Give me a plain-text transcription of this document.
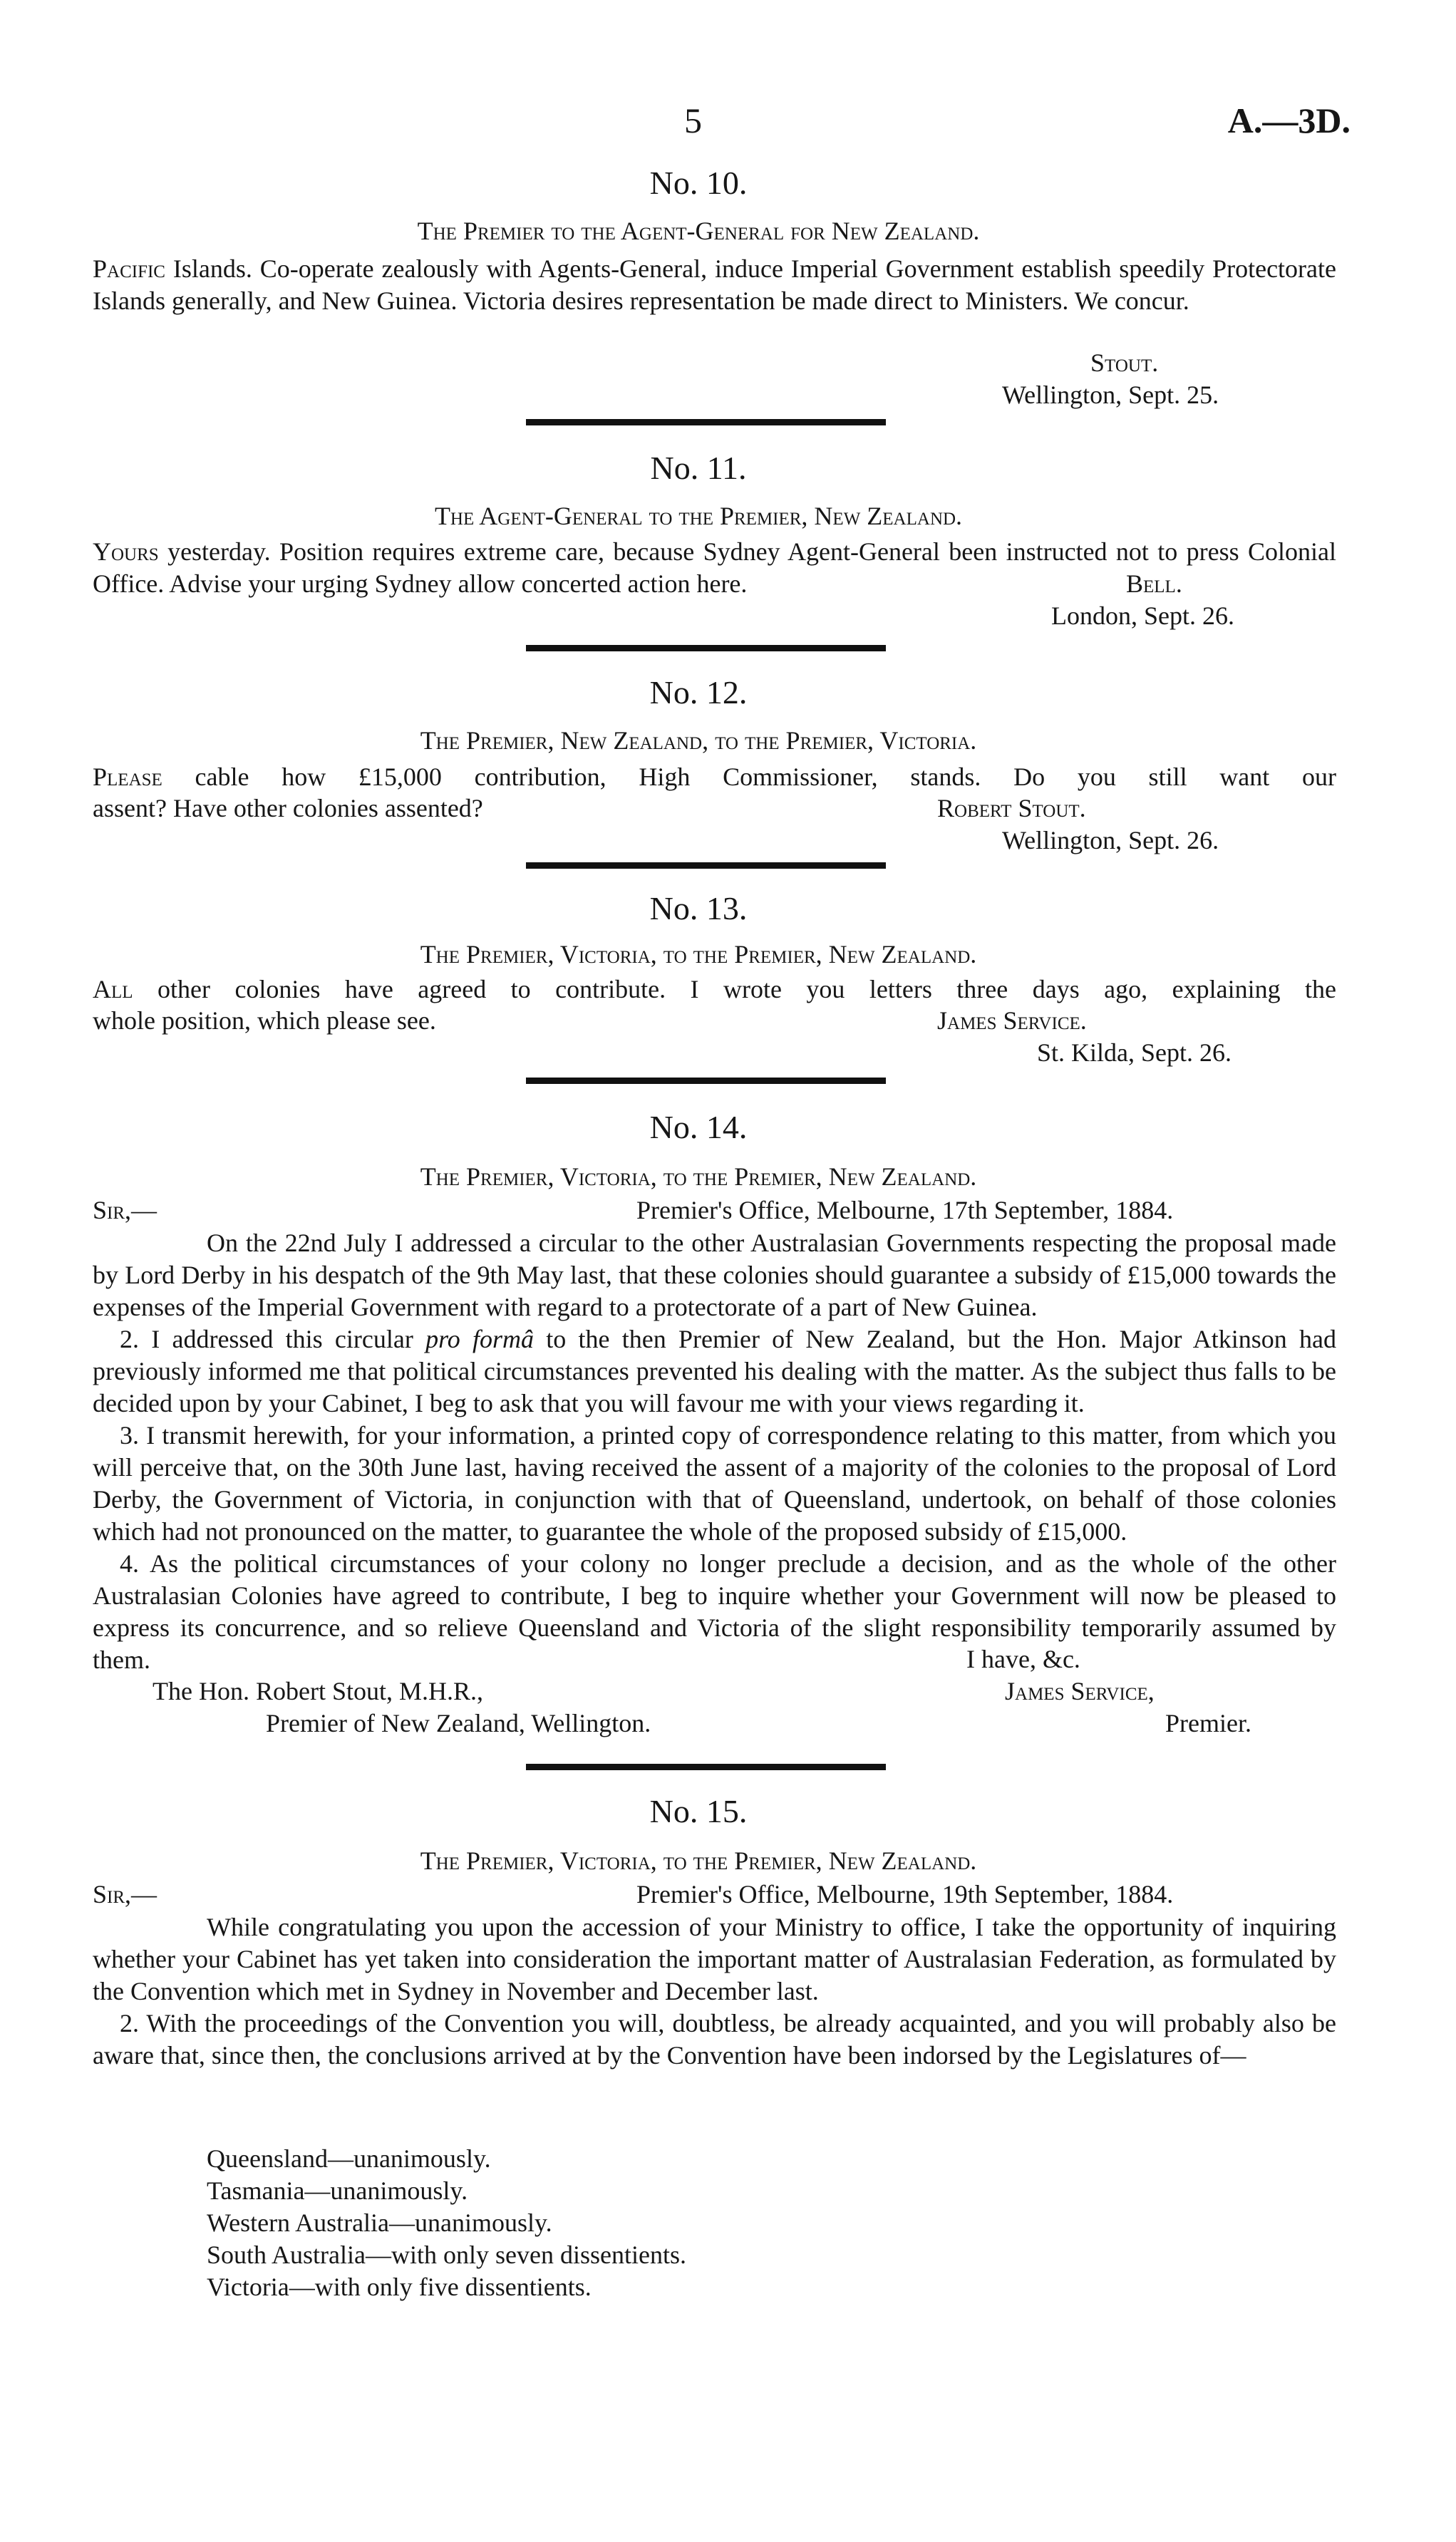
5	A.—3D.
No. 10.
The Premier to the Agent-General for New Zealand.
Pacific Islands. Co-operate zealously with Agents-General, induce Imperial Government establish speedily Protectorate Islands generally, and New Guinea. Victoria desires representation be made direct to Ministers. We concur.
Stout.
Wellington, Sept. 25.
No. 11.
The Agent-General to the Premier, New Zealand.
Yours yesterday. Position requires extreme care, because Sydney Agent-General been instructed not to press Colonial Office. Advise your urging Sydney allow concerted action here.	Bell.
London, Sept. 26.
No. 12.
The Premier, New Zealand, to the Premier, Victoria.
Please cable how £15,000 contribution, High Commissioner, stands. Do you still want our
assent? Have other colonies assented?	Robert Stout.
Wellington, Sept. 26.
No. 13.
The Premier, Victoria, to the Premier, New Zealand.
All other colonies have agreed to contribute. I wrote you letters three days ago, explaining the
whole position, which please see.	James Service.
St. Kilda, Sept. 26.
No. 14.
The Premier, Victoria, to the Premier, New Zealand.
Sir,—	Premier's Office, Melbourne, 17th September, 1884.
On the 22nd July I addressed a circular to the other Australasian Governments respecting the proposal made by Lord Derby in his despatch of the 9th May last, that these colonies should guarantee a subsidy of £15,000 towards the expenses of the Imperial Government with regard to a protectorate of a part of New Guinea.
2. I addressed this circular pro formâ to the then Premier of New Zealand, but the Hon. Major Atkinson had previously informed me that political circumstances prevented his dealing with the matter. As the subject thus falls to be decided upon by your Cabinet, I beg to ask that you will favour me with your views regarding it.
3. I transmit herewith, for your information, a printed copy of correspondence relating to this matter, from which you will perceive that, on the 30th June last, having received the assent of a majority of the colonies to the proposal of Lord Derby, the Government of Victoria, in conjunction with that of Queensland, undertook, on behalf of those colonies which had not pronounced on the matter, to guarantee the whole of the proposed subsidy of £15,000.
4. As the political circumstances of your colony no longer preclude a decision, and as the whole of the other Australasian Colonies have agreed to contribute, I beg to inquire whether your Government will now be pleased to express its concurrence, and so relieve Queensland and Victoria of the slight responsibility temporarily assumed by them.	I have, &c.
The Hon. Robert Stout, M.H.R.,	James Service,
Premier of New Zealand, Wellington.	Premier.
No. 15.
The Premier, Victoria, to the Premier, New Zealand.
Sir,—	Premier's Office, Melbourne, 19th September, 1884.
While congratulating you upon the accession of your Ministry to office, I take the opportunity of inquiring whether your Cabinet has yet taken into consideration the important matter of Australasian Federation, as formulated by the Convention which met in Sydney in November and December last.
2. With the proceedings of the Convention you will, doubtless, be already acquainted, and you will probably also be aware that, since then, the conclusions arrived at by the Convention have been indorsed by the Legislatures of—
Queensland—unanimously.
Tasmania—unanimously.
Western Australia—unanimously.
South Australia—with only seven dissentients.
Victoria—with only five dissentients.
